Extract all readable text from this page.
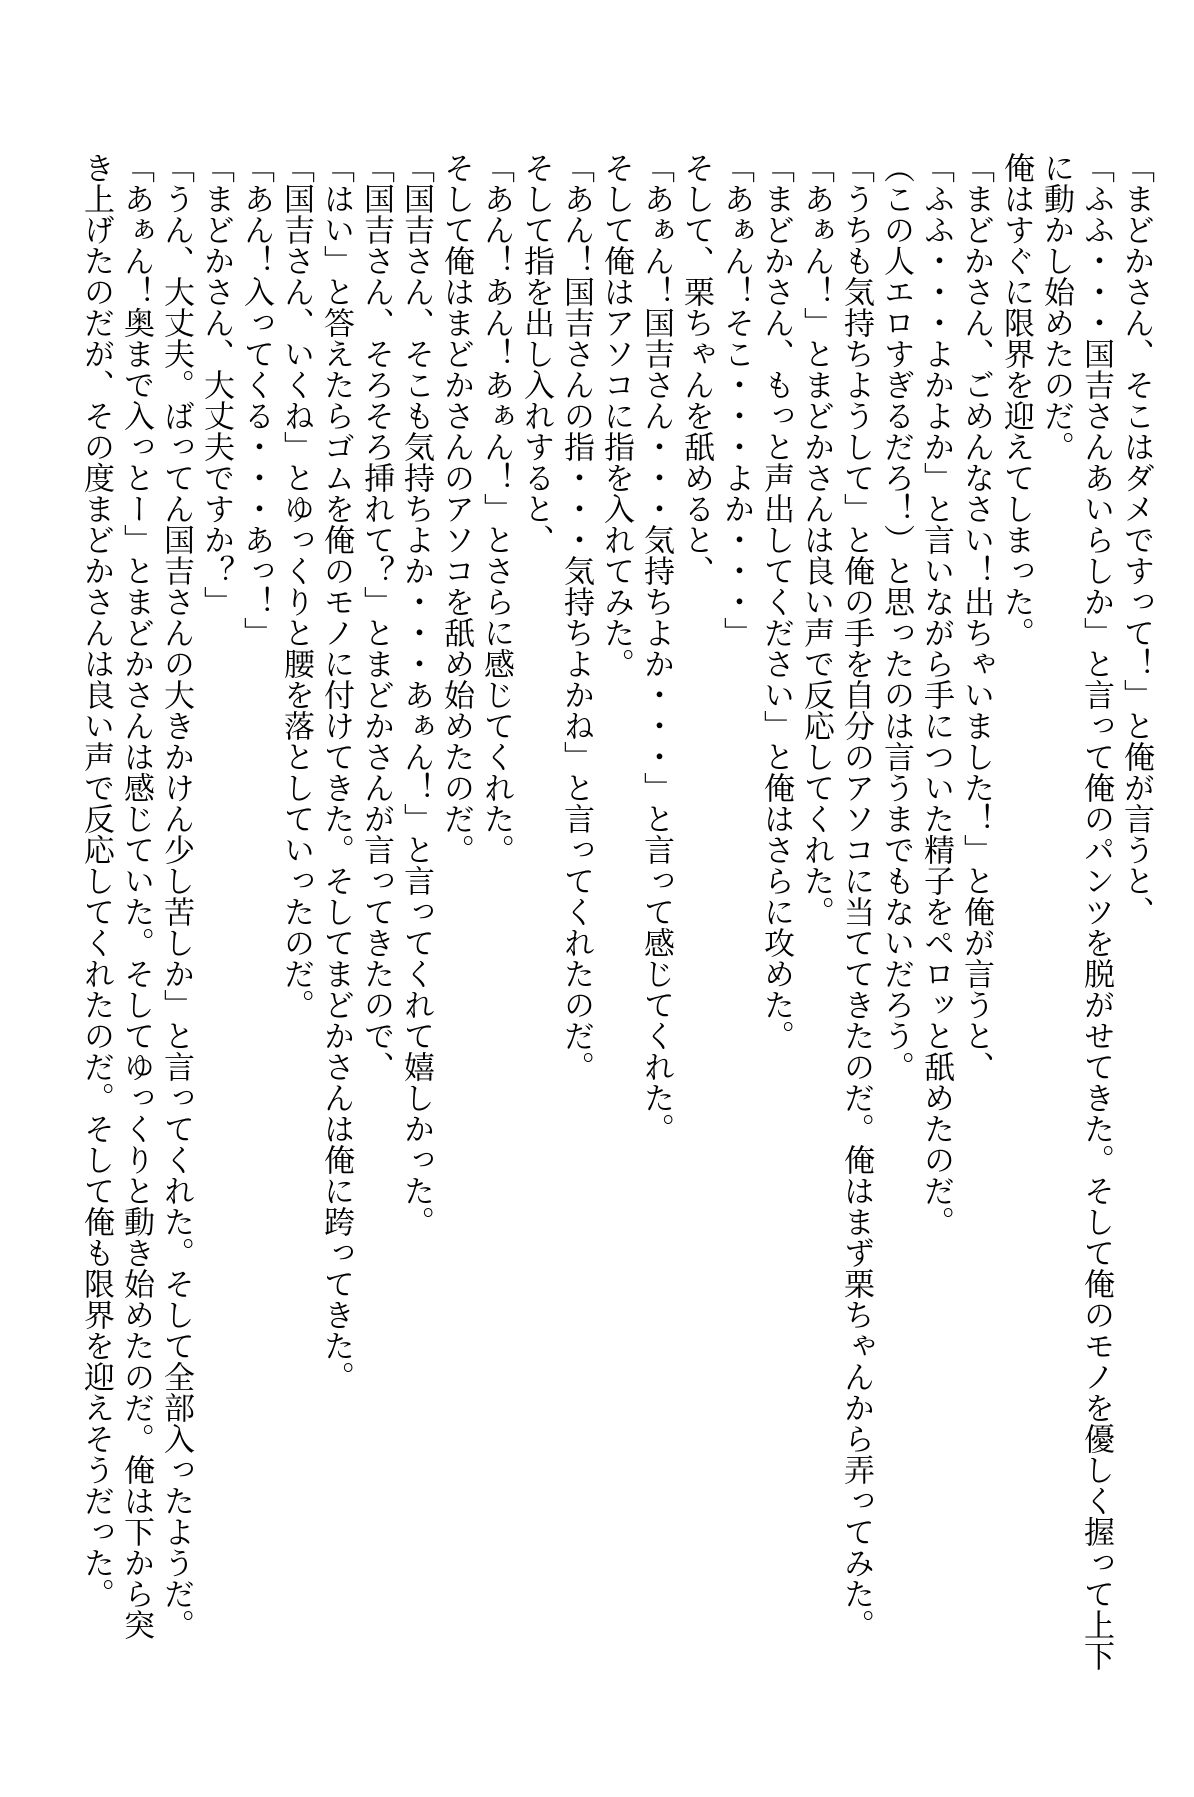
「まどかさん、そこはダメですって！」と俺が言うと、

「ふふ・・・国吉さんあいらしか」と言って俺のパンツを脱がせてきた。そして俺のモノを優しく握って上下

に動かし始めたのだ。

俺はすぐに限界を迎えてしまった。

「まどかさん、ごめんなさい！出ちゃいました！」と俺が言うと、

「ふふ・・・よかよか」と言いながら手についた精子をペロッと舐めたのだ。

（この人エロすぎるだろ！）と思ったのは言うまでもないだろう。

「うちも気持ちようして」と俺の手を自分のアソコに当ててきたのだ。俺はまず栗ちゃんから弄ってみた。

「あぁん！」とまどかさんは良い声で反応してくれた。

「まどかさん、もっと声出してください」と俺はさらに攻めた。

「あぁん！そこ・・・よか・・・」

そして、栗ちゃんを舐めると、

「あぁん！国吉さん・・・気持ちよか・・・」と言って感じてくれた。

そして俺はアソコに指を入れてみた。

「あん！国吉さんの指・・・気持ちよかね」と言ってくれたのだ。

そして指を出し入れすると、

「あん！あん！あぁん！」とさらに感じてくれた。

そして俺はまどかさんのアソコを舐め始めたのだ。

「国吉さん、そこも気持ちよか・・・あぁん！」と言ってくれて嬉しかった。

「国吉さん、そろそろ挿れて？」とまどかさんが言ってきたので、

「はい」と答えたらゴムを俺のモノに付けてきた。そしてまどかさんは俺に跨ってきた。

「国吉さん、いくね」とゆっくりと腰を落としていったのだ。

「あん！入ってくる・・・あっ！」

「まどかさん、大丈夫ですか？」

「うん、大丈夫。ばってん国吉さんの大きかけん少し苦しか」と言ってくれた。そして全部入ったようだ。

「あぁん！奥まで入っとー」とまどかさんは感じていた。そしてゆっくりと動き始めたのだ。俺は下から突

き上げたのだが、その度まどかさんは良い声で反応してくれたのだ。そして俺も限界を迎えそうだった。
